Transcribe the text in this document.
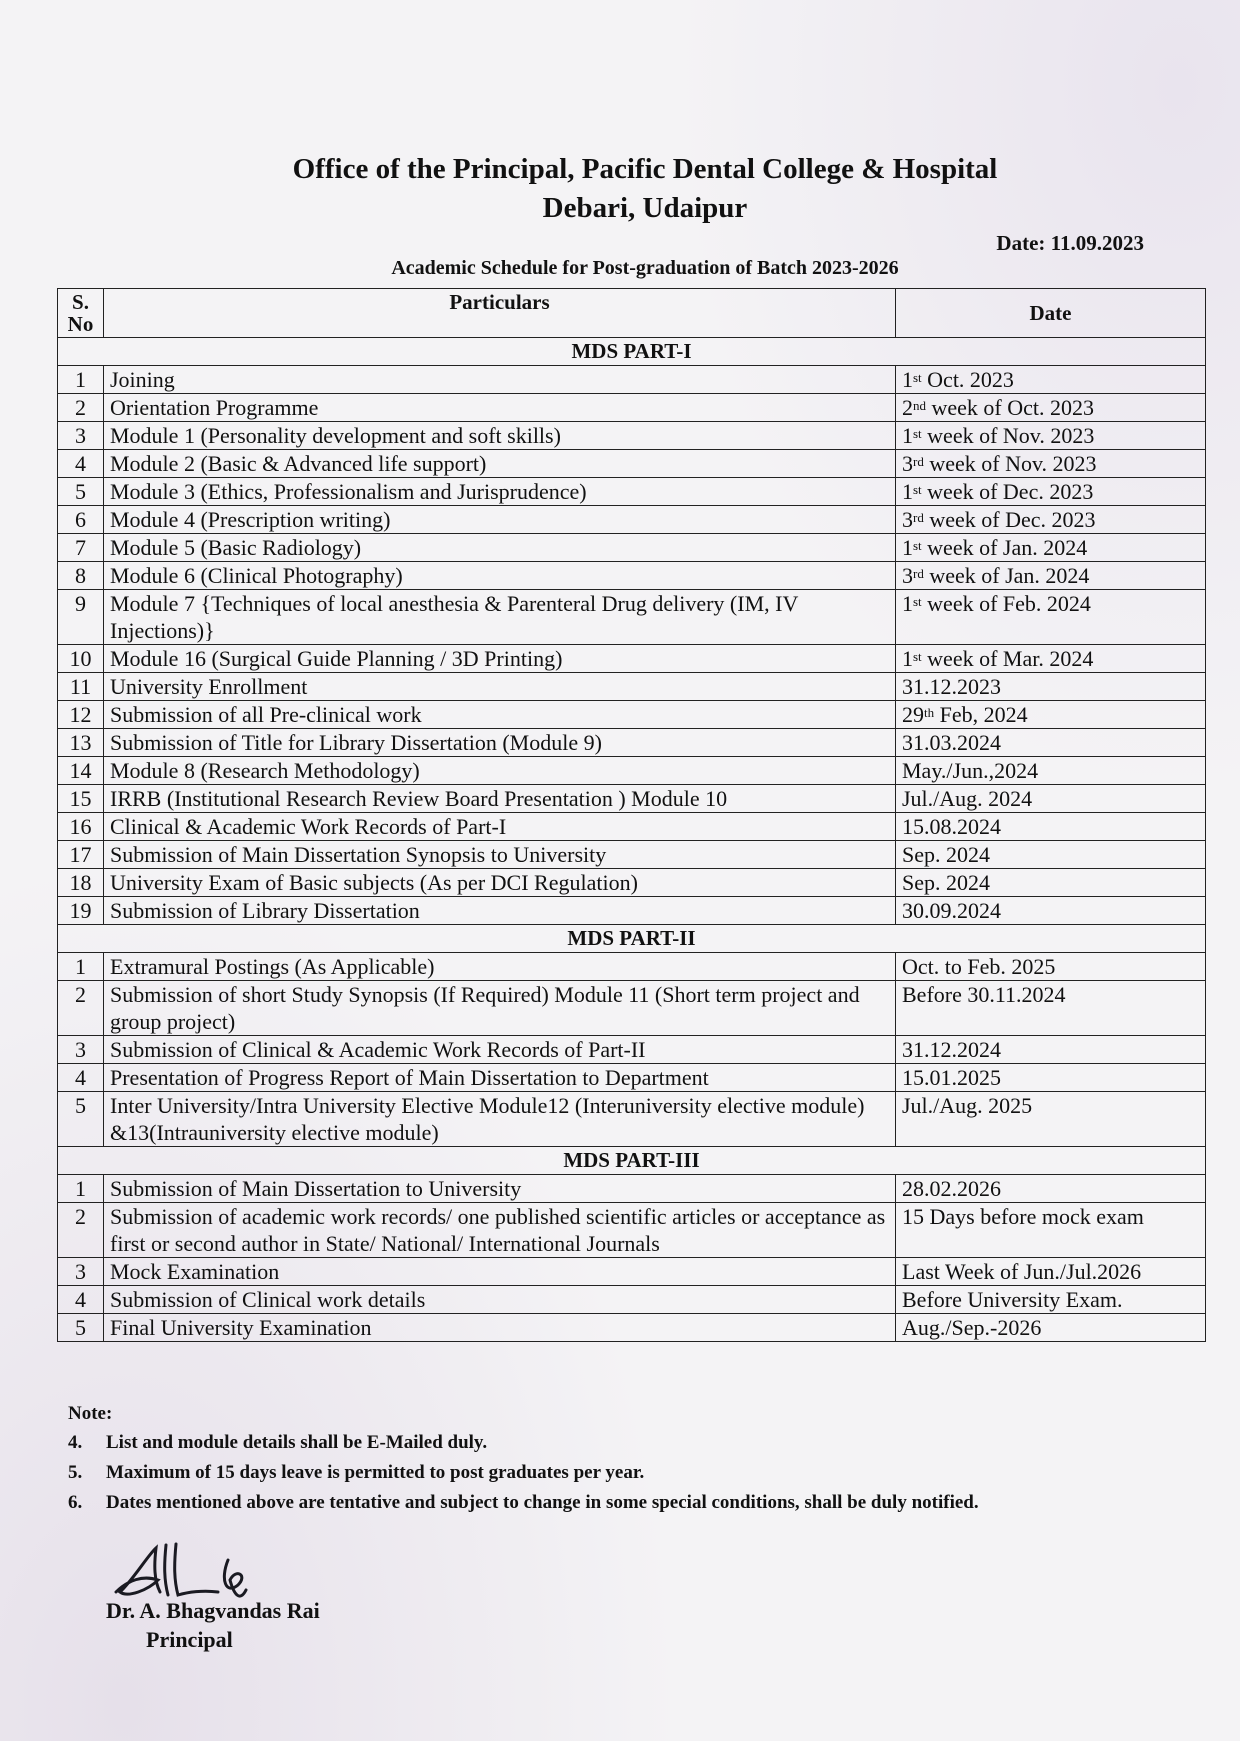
Office of the Principal, Pacific Dental College & Hospital
Debari, Udaipur
Date: 11.09.2023
Academic Schedule for Post-graduation of Batch 2023-2026
S. No	Particulars	Date
MDS PART-I		
1	Joining	1st Oct. 2023
2	Orientation Programme	2nd week of Oct. 2023
3	Module 1 (Personality development and soft skills)	1st week of Nov. 2023
4	Module 2 (Basic & Advanced life support)	3rd week of Nov. 2023
5	Module 3 (Ethics, Professionalism and Jurisprudence)	1st week of Dec. 2023
6	Module 4 (Prescription writing)	3rd week of Dec. 2023
7	Module 5 (Basic Radiology)	1st week of Jan. 2024
8	Module 6 (Clinical Photography)	3rd week of Jan. 2024
9	Module 7 {Techniques of local anesthesia & Parenteral Drug delivery (IM, IV Injections)}	1st week of Feb. 2024
10	Module 16 (Surgical Guide Planning / 3D Printing)	1st week of Mar. 2024
11	University Enrollment	31.12.2023
12	Submission of all Pre-clinical work	29th Feb, 2024
13	Submission of Title for Library Dissertation (Module 9)	31.03.2024
14	Module 8 (Research Methodology)	May./Jun.,2024
15	IRRB (Institutional Research Review Board Presentation ) Module 10	Jul./Aug. 2024
16	Clinical & Academic Work Records of Part-I	15.08.2024
17	Submission of Main Dissertation Synopsis to University	Sep. 2024
18	University Exam of Basic subjects (As per DCI Regulation)	Sep. 2024
19	Submission of Library Dissertation	30.09.2024
MDS PART-II		
1	Extramural Postings (As Applicable)	Oct. to Feb. 2025
2	Submission of short Study Synopsis (If Required) Module 11 (Short term project and group project)	Before 30.11.2024
3	Submission of Clinical & Academic Work Records of Part-II	31.12.2024
4	Presentation of Progress Report of Main Dissertation to Department	15.01.2025
5	Inter University/Intra University Elective Module12 (Interuniversity elective module) &13(Intrauniversity elective module)	Jul./Aug. 2025
MDS PART-III		
1	Submission of Main Dissertation to University	28.02.2026
2	Submission of academic work records/ one published scientific articles or acceptance as first or second author in State/ National/ International Journals	15 Days before mock exam
3	Mock Examination	Last Week of Jun./Jul.2026
4	Submission of Clinical work details	Before University Exam.
5	Final University Examination	Aug./Sep.-2026
Note:
4. List and module details shall be E-Mailed duly.
5. Maximum of 15 days leave is permitted to post graduates per year.
6. Dates mentioned above are tentative and subject to change in some special conditions, shall be duly notified.
Dr. A. Bhagvandas Rai
Principal
